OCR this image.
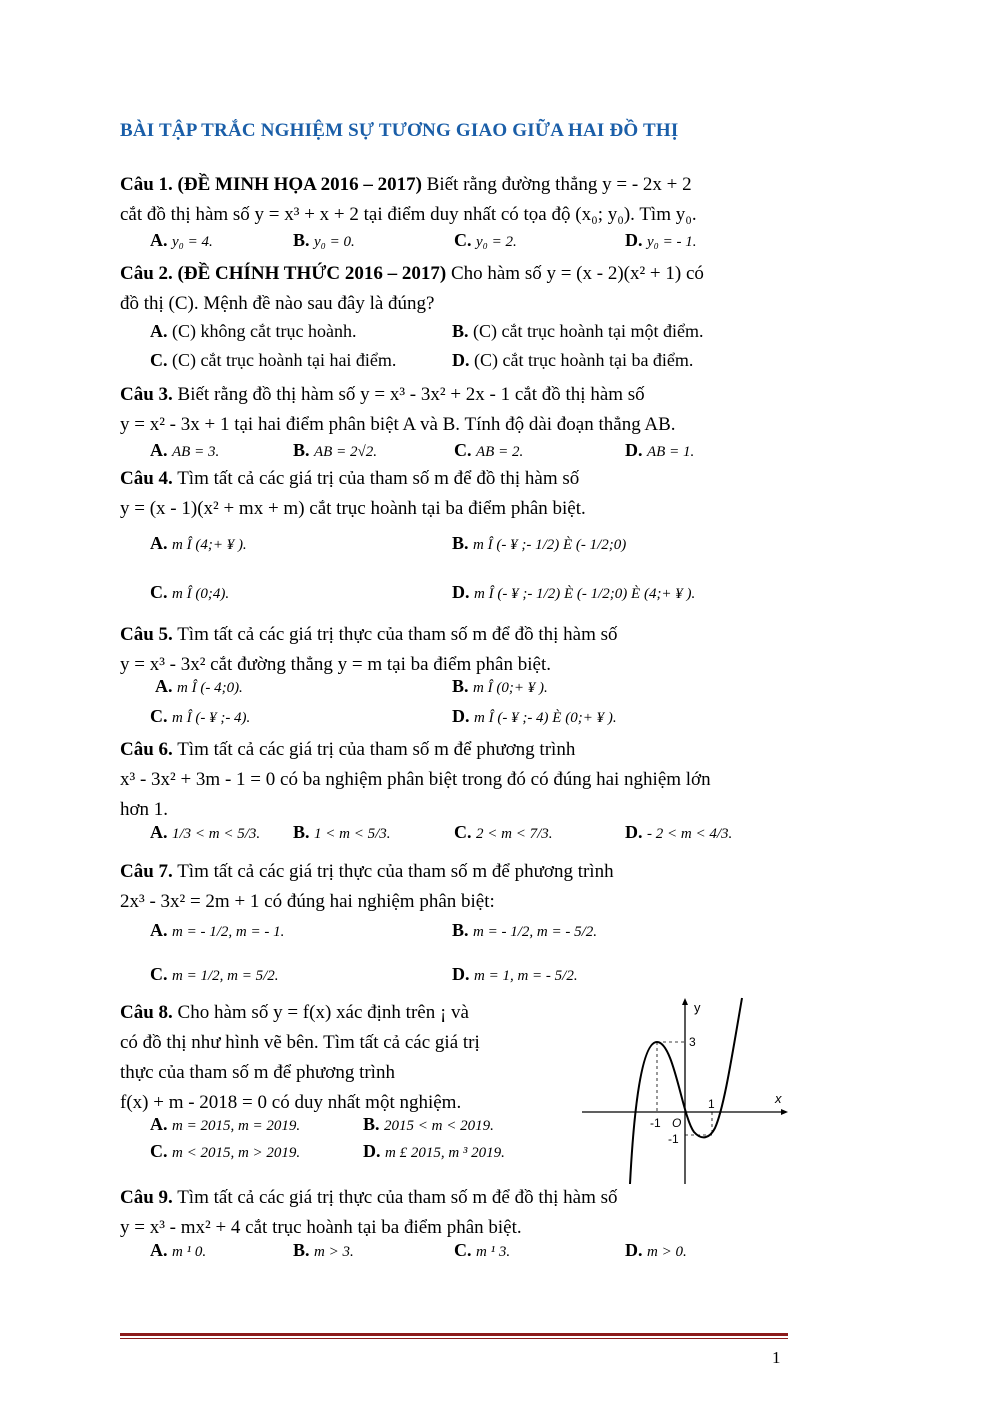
BÀI TẬP TRẮC NGHIỆM SỰ TƯƠNG GIAO GIỮA HAI ĐỒ THỊ
Câu 1. (ĐỀ MINH HỌA 2016 – 2017) Biết rằng đường thẳng y = - 2x + 2
cắt đồ thị hàm số y = x³ + x + 2 tại điểm duy nhất có tọa độ (x₀; y₀). Tìm y₀.
A. y₀ = 4.	B. y₀ = 0.	C. y₀ = 2.	D. y₀ = - 1.
Câu 2. (ĐỀ CHÍNH THỨC 2016 – 2017) Cho hàm số y = (x - 2)(x² + 1) có
đồ thị (C). Mệnh đề nào sau đây là đúng?
A. (C) không cắt trục hoành.	B. (C) cắt trục hoành tại một điểm.
C. (C) cắt trục hoành tại hai điểm.	D. (C) cắt trục hoành tại ba điểm.
Câu 3. Biết rằng đồ thị hàm số y = x³ - 3x² + 2x - 1 cắt đồ thị hàm số
y = x² - 3x + 1 tại hai điểm phân biệt A và B. Tính độ dài đoạn thẳng AB.
A. AB = 3.	B. AB = 2√2.	C. AB = 2.	D. AB = 1.
Câu 4. Tìm tất cả các giá trị của tham số m để đồ thị hàm số
y = (x - 1)(x² + mx + m) cắt trục hoành tại ba điểm phân biệt.
A. m Î (4;+ ¥ ).	B. m Î (- ¥ ;- 1/2) È (- 1/2;0)
C. m Î (0;4).	D. m Î (- ¥ ;- 1/2) È (- 1/2;0) È (4;+ ¥ ).
Câu 5. Tìm tất cả các giá trị thực của tham số m để đồ thị hàm số
y = x³ - 3x² cắt đường thẳng y = m tại ba điểm phân biệt.
A. m Î (- 4;0).	B. m Î (0;+ ¥ ).
C. m Î (- ¥ ;- 4).	D. m Î (- ¥ ;- 4) È (0;+ ¥ ).
Câu 6. Tìm tất cả các giá trị của tham số m để phương trình
x³ - 3x² + 3m - 1 = 0 có ba nghiệm phân biệt trong đó có đúng hai nghiệm lớn
hơn 1.
A. 1/3 < m < 5/3. B. 1 < m < 5/3.	C. 2 < m < 7/3.	D. - 2 < m < 4/3.
Câu 7. Tìm tất cả các giá trị thực của tham số m để phương trình
2x³ - 3x² = 2m + 1 có đúng hai nghiệm phân biệt:
A. m = - 1/2, m = - 1.	B. m = - 1/2, m = - 5/2.
C. m = 1/2, m = 5/2.	D. m = 1, m = - 5/2.
Câu 8. Cho hàm số y = f(x) xác định trên ¡ và
có đồ thị như hình vẽ bên. Tìm tất cả các giá trị
thực của tham số m để phương trình
f(x) + m - 2018 = 0 có duy nhất một nghiệm.
A. m = 2015, m = 2019.	B. 2015 < m < 2019.
C. m < 2015, m > 2019.	D. m £ 2015, m ³ 2019.
y
x
3
1
-1 O
-1
Câu 9. Tìm tất cả các giá trị thực của tham số m để đồ thị hàm số
y = x³ - mx² + 4 cắt trục hoành tại ba điểm phân biệt.
A. m ¹ 0.	B. m > 3.	C. m ¹ 3.	D. m > 0.
1
